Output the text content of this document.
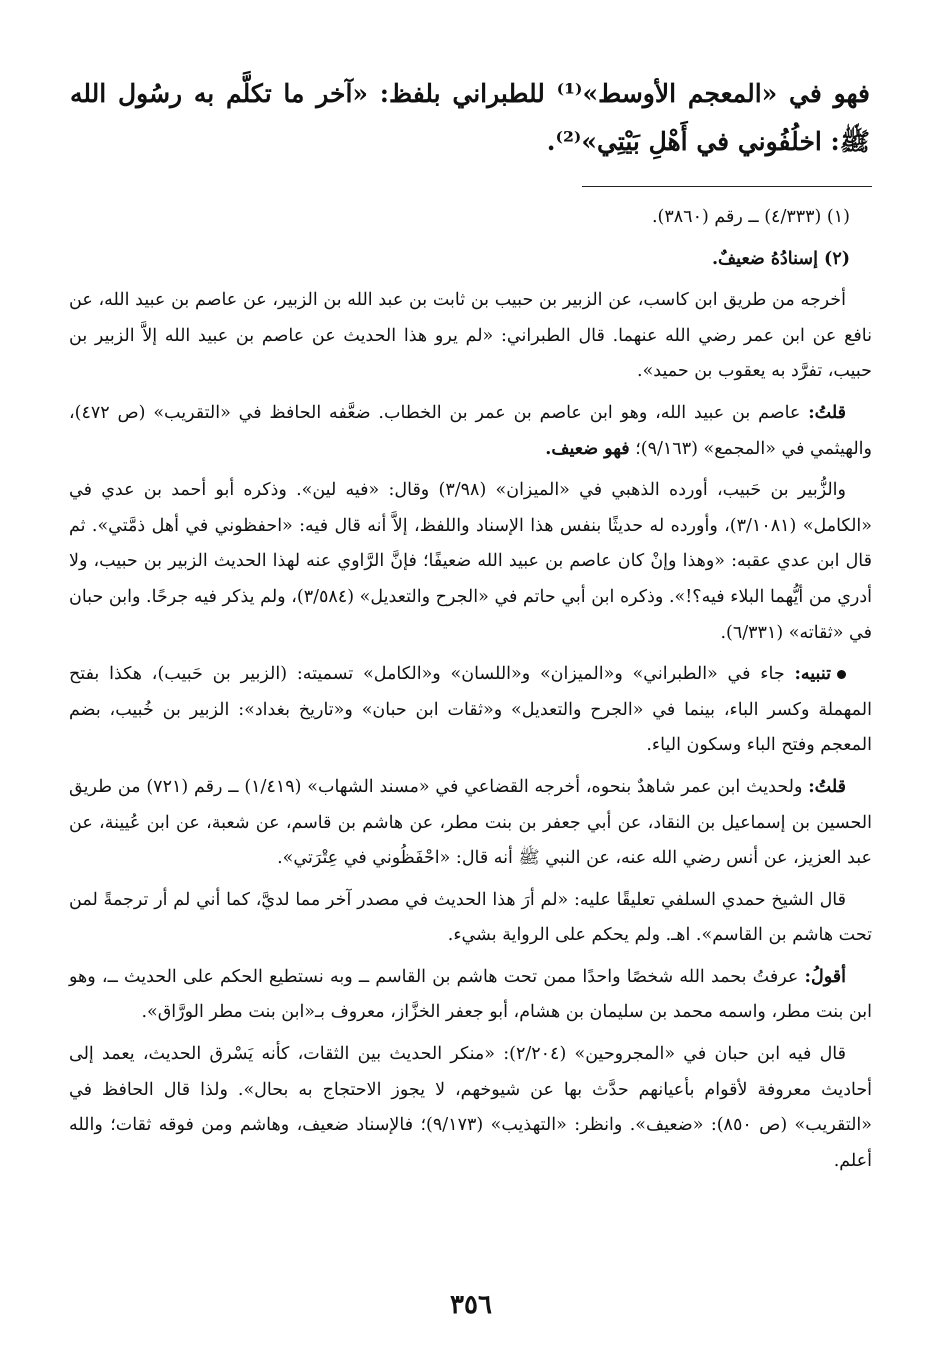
فهو في «المعجم الأوسط»⁽¹⁾ للطبراني بلفظ: «آخر ما تكلَّم به رسُول الله ﷺ: اخلُفُوني في أَهْلِ بَيْتِي»⁽²⁾.

(١) (٤/٣٣٣) ــ رقم (٣٨٦٠).

(٢) إسنادُهُ ضعيفٌ.

أخرجه من طريق ابن كاسب، عن الزبير بن حبيب بن ثابت بن عبد الله بن الزبير، عن عاصم بن عبيد الله، عن نافع عن ابن عمر رضي الله عنهما. قال الطبراني: «لم يرو هذا الحديث عن عاصم بن عبيد الله إلاَّ الزبير بن حبيب، تفرَّد به يعقوب بن حميد».

قلتُ: عاصم بن عبيد الله، وهو ابن عاصم بن عمر بن الخطاب. ضعَّفه الحافظ في «التقريب» (ص ٤٧٢)، والهيثمي في «المجمع» (٩/١٦٣)؛ فهو ضعيف.

والزُّبير بن حَبيب، أورده الذهبي في «الميزان» (٣/٩٨) وقال: «فيه لين». وذكره أبو أحمد بن عدي في «الكامل» (٣/١٠٨١)، وأورده له حديثًا بنفس هذا الإسناد واللفظ، إلاَّ أنه قال فيه: «احفظوني في أهل ذمَّتي». ثم قال ابن عدي عقبه: «وهذا وإنْ كان عاصم بن عبيد الله ضعيفًا؛ فإنَّ الرَّاوي عنه لهذا الحديث الزبير بن حبيب، ولا أدري من أيُّهما البلاء فيه؟!». وذكره ابن أبي حاتم في «الجرح والتعديل» (٣/٥٨٤)، ولم يذكر فيه جرحًا. وابن حبان في «ثقاته» (٦/٣٣١).

تنبيه: جاء في «الطبراني» و«الميزان» و«اللسان» و«الكامل» تسميته: (الزبير بن حَبيب)، هكذا بفتح المهملة وكسر الباء، بينما في «الجرح والتعديل» و«ثقات ابن حبان» و«تاريخ بغداد»: الزبير بن خُبيب، بضم المعجم وفتح الباء وسكون الياء.

قلتُ: ولحديث ابن عمر شاهدٌ بنحوه، أخرجه القضاعي في «مسند الشهاب» (١/٤١٩) ــ رقم (٧٢١) من طريق الحسين بن إسماعيل بن النقاد، عن أبي جعفر بن بنت مطر، عن هاشم بن قاسم، عن شعبة، عن ابن عُيينة، عن عبد العزيز، عن أنس رضي الله عنه، عن النبي ﷺ أنه قال: «احْفَظُوني في عِتْرَتي».

قال الشيخ حمدي السلفي تعليقًا عليه: «لم أرَ هذا الحديث في مصدر آخر مما لديَّ، كما أني لم أر ترجمةً لمن تحت هاشم بن القاسم». اهـ. ولم يحكم على الرواية بشيء.

أقولُ: عرفتُ بحمد الله شخصًا واحدًا ممن تحت هاشم بن القاسم ــ وبه نستطيع الحكم على الحديث ــ، وهو ابن بنت مطر، واسمه محمد بن سليمان بن هشام، أبو جعفر الخزَّاز، معروف بـ«ابن بنت مطر الورَّاق».

قال فيه ابن حبان في «المجروحين» (٢/٢٠٤): «منكر الحديث بين الثقات، كأنه يَسْرق الحديث، يعمد إلى أحاديث معروفة لأقوام بأعيانهم حدَّث بها عن شيوخهم، لا يجوز الاحتجاج به بحال». ولذا قال الحافظ في «التقريب» (ص ٨٥٠): «ضعيف». وانظر: «التهذيب» (٩/١٧٣)؛ فالإسناد ضعيف، وهاشم ومن فوقه ثقات؛ والله أعلم.

٣٥٦
